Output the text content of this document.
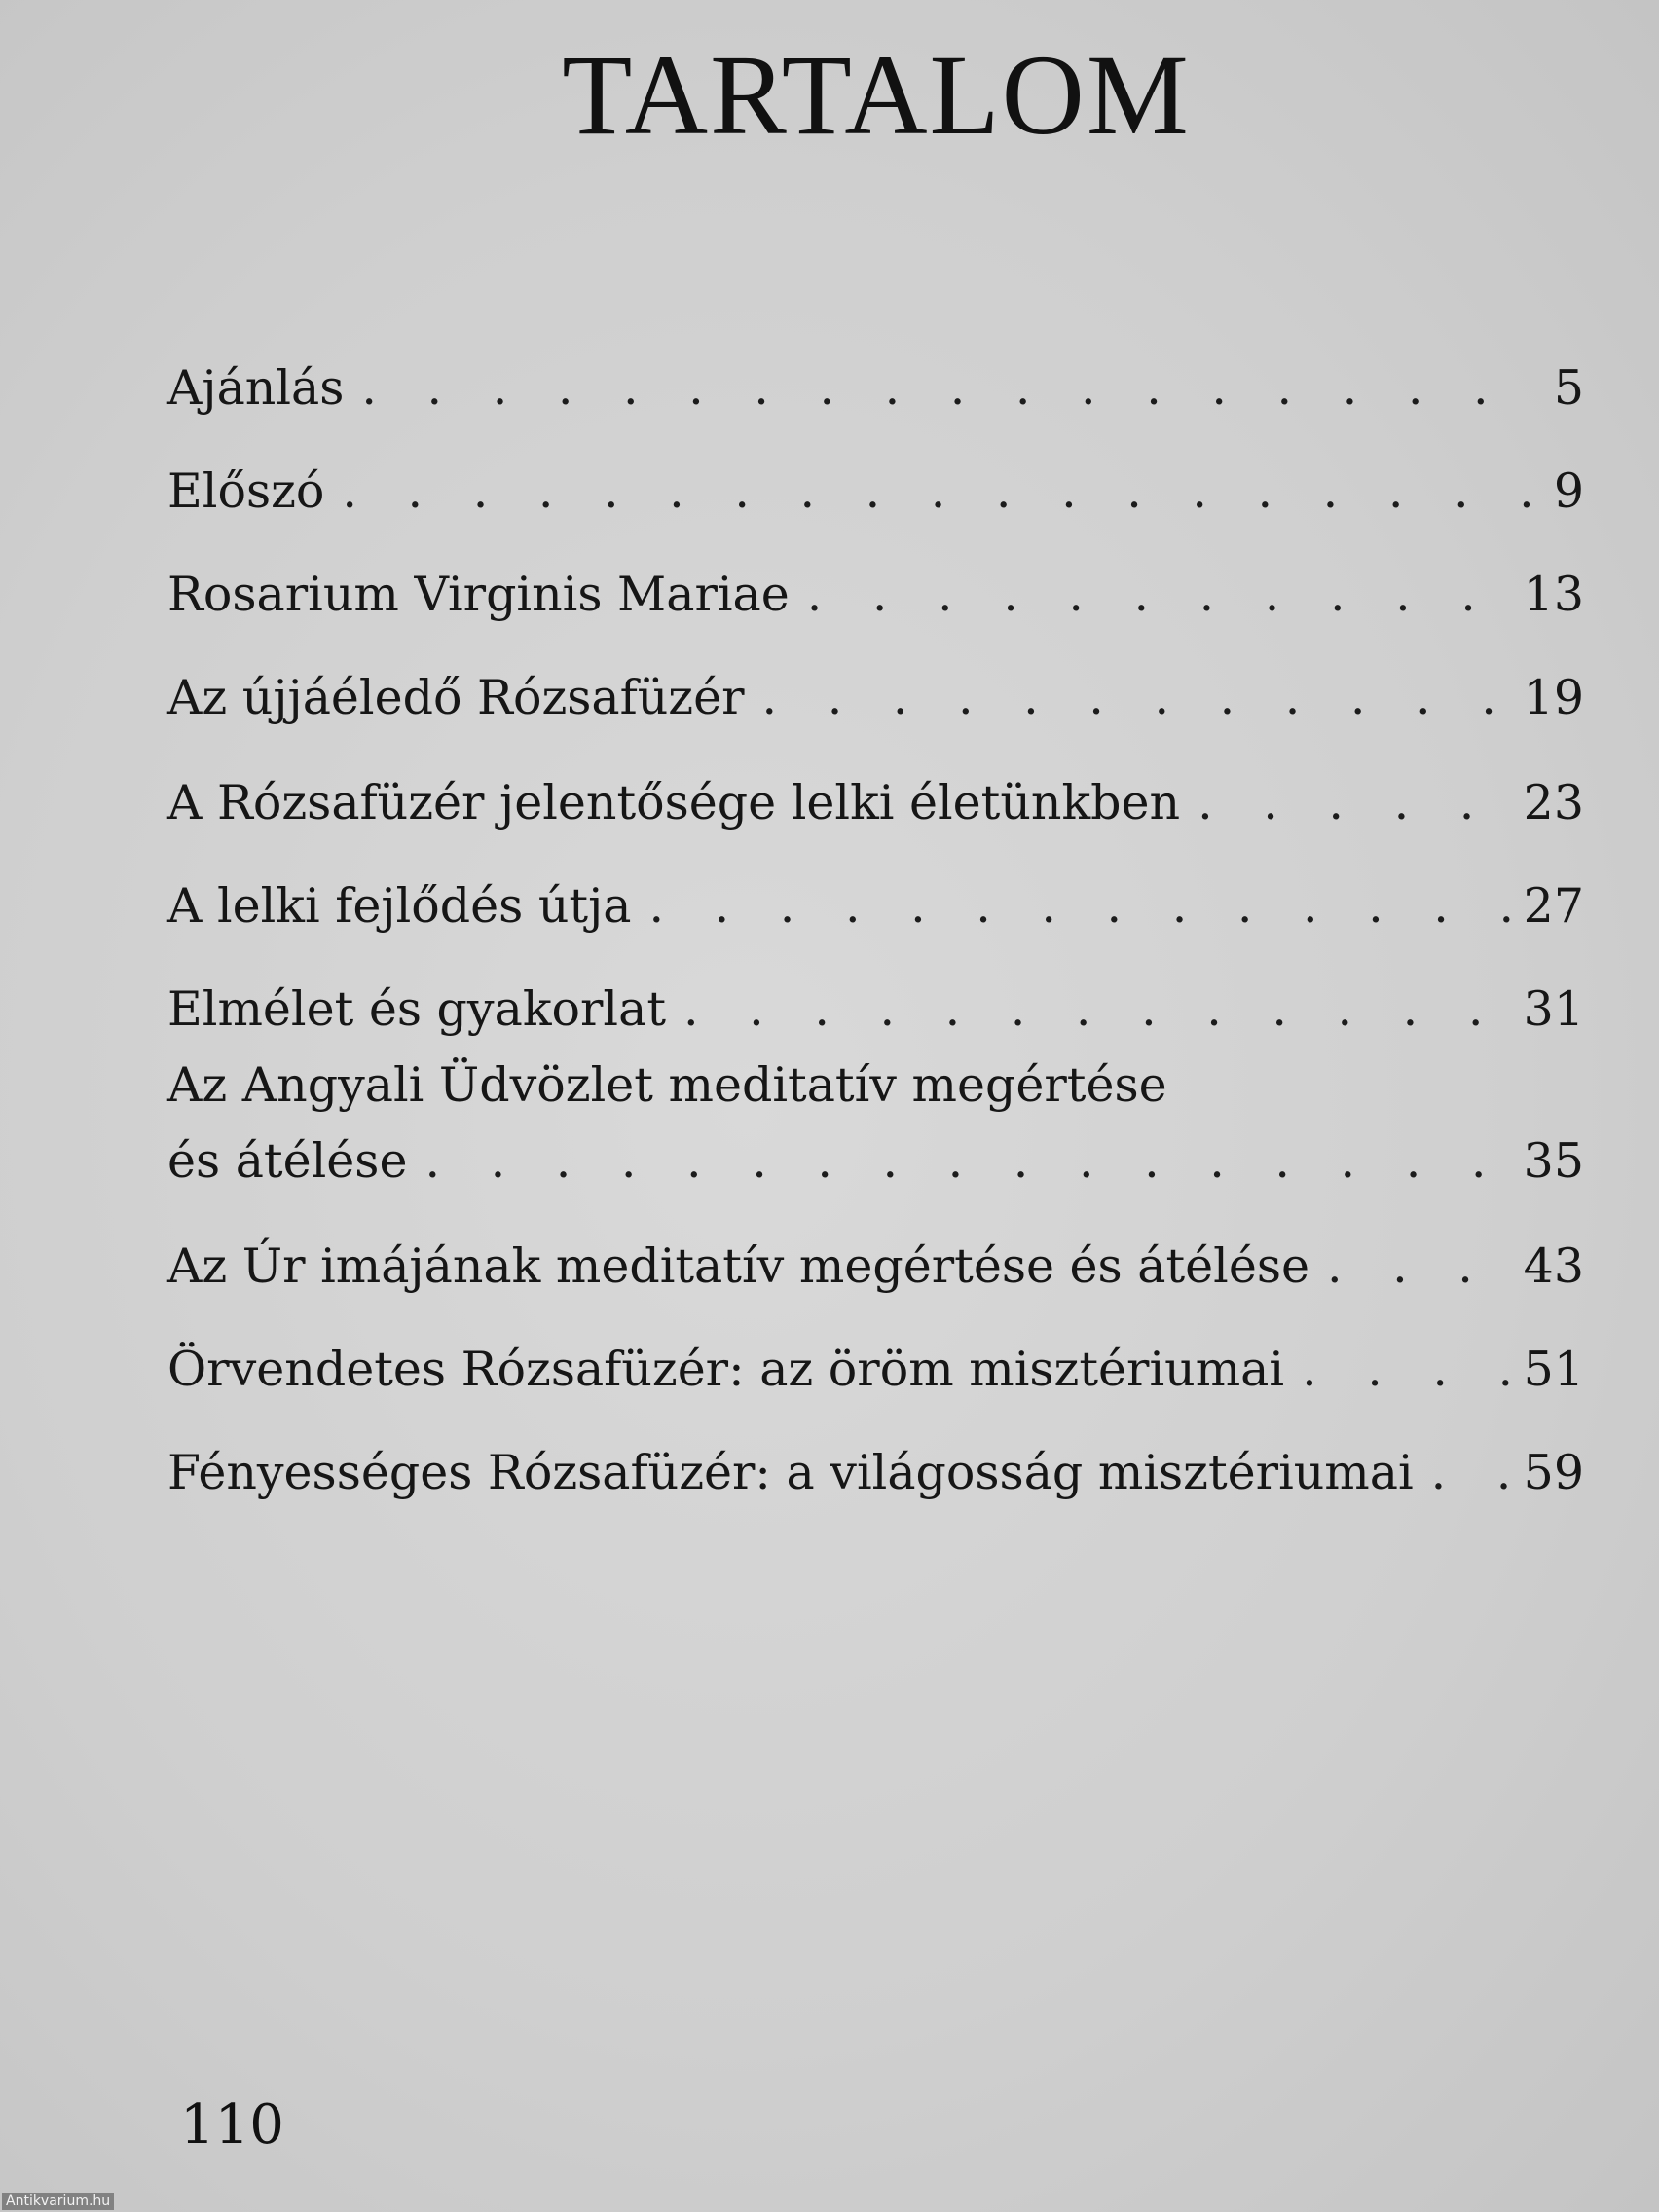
TARTALOM
Ajánlás . . .	5
Előszó . . .	9
Rosarium Virginis Mariae . . .	13
Az újjáéledő Rózsafüzér . . .	19
A Rózsafüzér jelentősége lelki életünkben . . .	23
A lelki fejlődés útja . . .	27
Elmélet és gyakorlat . . .	31
Az Angyali Üdvözlet meditatív megértése
és átélése . . .	35
Az Úr imájának meditatív megértése és átélése . . .	43
Örvendetes Rózsafüzér: az öröm misztériumai . . .	51
Fényességes Rózsafüzér: a világosság misztériumai . . . 59
110
Antikvarium.hu
